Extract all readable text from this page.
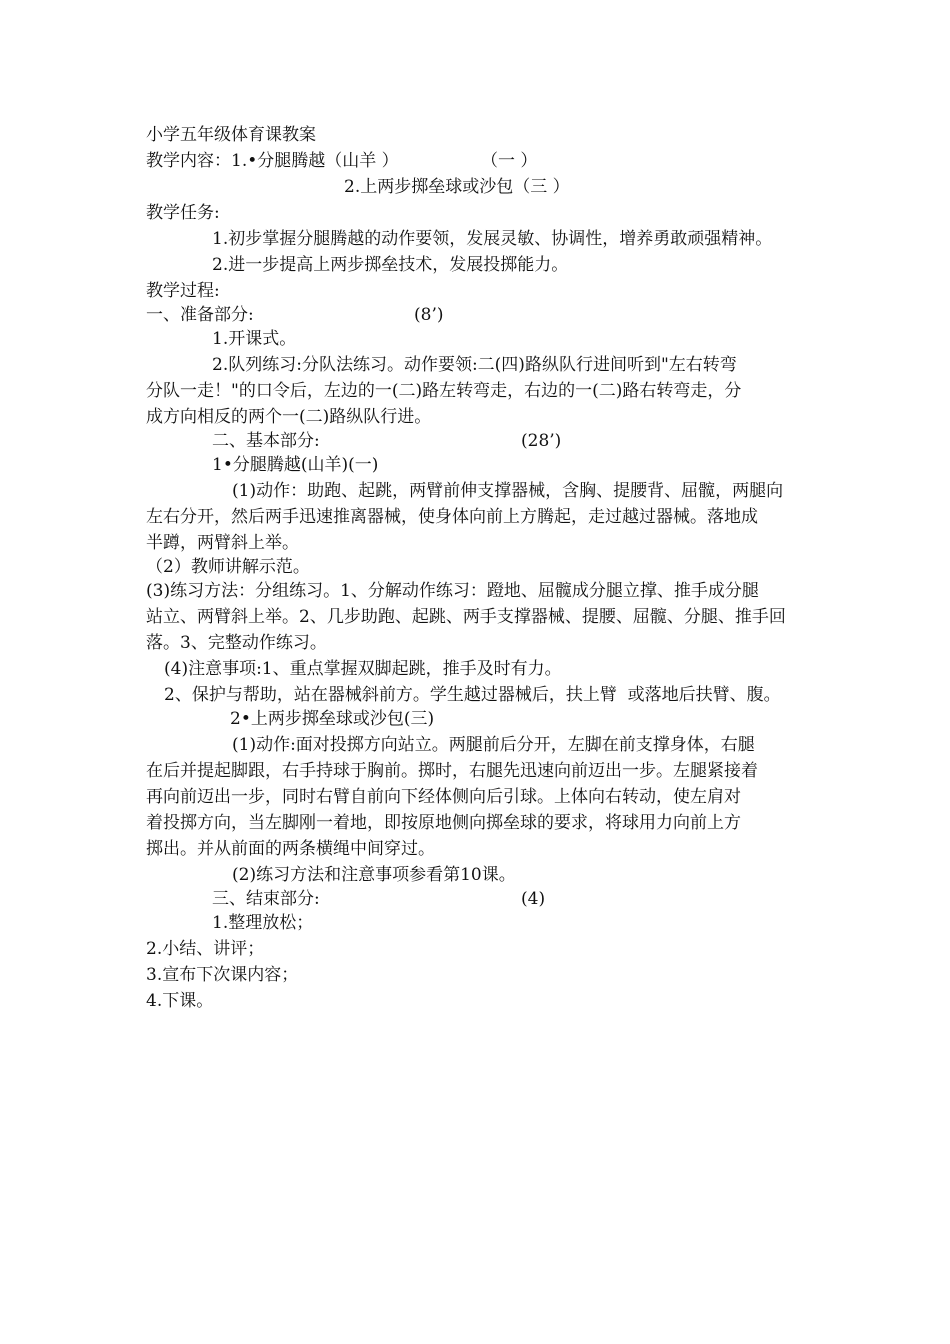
小学五年级体育课教案
教学内容：1.•分腿腾越（山羊 ）	（一 ）
2.上两步掷垒球或沙包（三 ）
教学任务:
1.初步掌握分腿腾越的动作要领，发展灵敏、协调性，增养勇敢顽强精神。
2.进一步提高上两步掷垒技术，发展投掷能力。
教学过程:
一、准备部分:	(8’)
1.开课式。
2.队列练习:分队法练习。动作要领:二(四)路纵队行进间听到"左右转弯
分队一走！"的口令后，左边的一(二)路左转弯走，右边的一(二)路右转弯走，分
成方向相反的两个一(二)路纵队行进。
二、基本部分:	(28’)
1•分腿腾越(山羊)(一)
(1)动作：助跑、起跳，两臂前伸支撑器械，含胸、提腰背、屈髋，两腿向
左右分开，然后两手迅速推离器械，使身体向前上方腾起，走过越过器械。落地成
半蹲，两臂斜上举。
（2）教师讲解示范。
(3)练习方法：分组练习。1、分解动作练习：蹬地、屈髋成分腿立撑、推手成分腿
站立、两臂斜上举。2、几步助跑、起跳、两手支撑器械、提腰、屈髋、分腿、推手回
落。3、完整动作练习。
(4)注意事项:1、重点掌握双脚起跳，推手及时有力。
2、保护与帮助，站在器械斜前方。学生越过器械后，扶上臂  或落地后扶臂、腹。
2•上两步掷垒球或沙包(三)
(1)动作:面对投掷方向站立。两腿前后分开，左脚在前支撑身体，右腿
在后并提起脚跟，右手持球于胸前。掷时，右腿先迅速向前迈出一步。左腿紧接着
再向前迈出一步，同时右臂自前向下经体侧向后引球。上体向右转动，使左肩对
着投掷方向，当左脚刚一着地，即按原地侧向掷垒球的要求，将球用力向前上方
掷出。并从前面的两条横绳中间穿过。
(2)练习方法和注意事项参看第10课。
三、结束部分:	(4)
1.整理放松；
2.小结、讲评；
3.宣布下次课内容；
4.下课。
